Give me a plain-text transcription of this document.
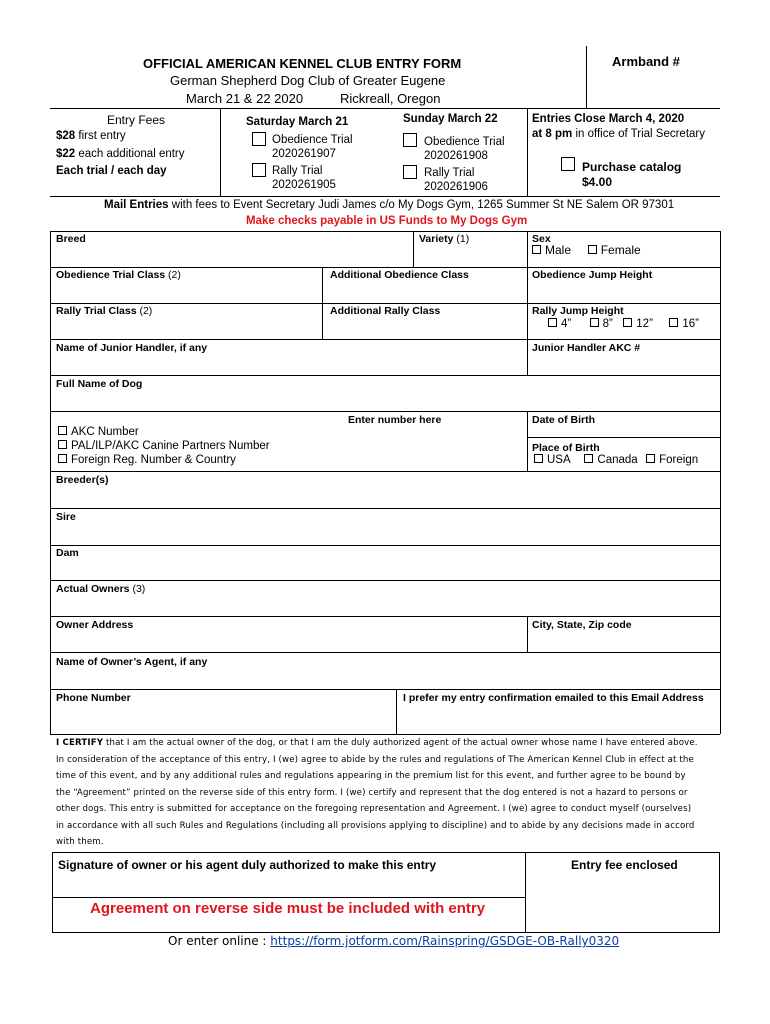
OFFICIAL AMERICAN KENNEL CLUB ENTRY FORM
German Shepherd Dog Club of Greater Eugene
March 21 & 22 2020	Rickreall, Oregon
Armband #
Entry Fees
$28 first entry
$22 each additional entry
Each trial / each day
Saturday March 21
Obedience Trial
2020261907
Rally Trial
2020261905
Sunday March 22
Obedience Trial
2020261908
Rally Trial
2020261906
Entries Close March 4, 2020
at 8 pm in office of Trial Secretary
Purchase catalog
$4.00
Mail Entries with fees to Event Secretary Judi James c/o My Dogs Gym, 1265 Summer St NE Salem OR 97301
Make checks payable in US Funds to My Dogs Gym
Breed	Variety (1)	Sex
Male Female
Obedience Trial Class (2)	Additional Obedience Class	Obedience Jump Height
Rally Trial Class (2)	Additional Rally Class	Rally Jump Height
4”	8” 12”	16”
Name of Junior Handler, if any	Junior Handler AKC #
Full Name of Dog
Enter number here	Date of Birth
AKC Number
PAL/ILP/AKC Canine Partners Number
Foreign Reg. Number & Country
Place of Birth
USA Canada Foreign
Breeder(s)
Sire
Dam
Actual Owners (3)
Owner Address	City, State, Zip code
Name of Owner’s Agent, if any
Phone Number	I prefer my entry confirmation emailed to this Email Address
I CERTIFY that I am the actual owner of the dog, or that I am the duly authorized agent of the actual owner whose name I have entered above.
In consideration of the acceptance of this entry, I (we) agree to abide by the rules and regulations of The American Kennel Club in effect at the
time of this event, and by any additional rules and regulations appearing in the premium list for this event, and further agree to be bound by
the “Agreement” printed on the reverse side of this entry form. I (we) certify and represent that the dog entered is not a hazard to persons or
other dogs. This entry is submitted for acceptance on the foregoing representation and Agreement. I (we) agree to conduct myself (ourselves)
in accordance with all such Rules and Regulations (including all provisions applying to discipline) and to abide by any decisions made in accord
with them.
Signature of owner or his agent duly authorized to make this entry	Entry fee enclosed
Agreement on reverse side must be included with entry
Or enter online : https://form.jotform.com/Rainspring/GSDGE-OB-Rally0320
